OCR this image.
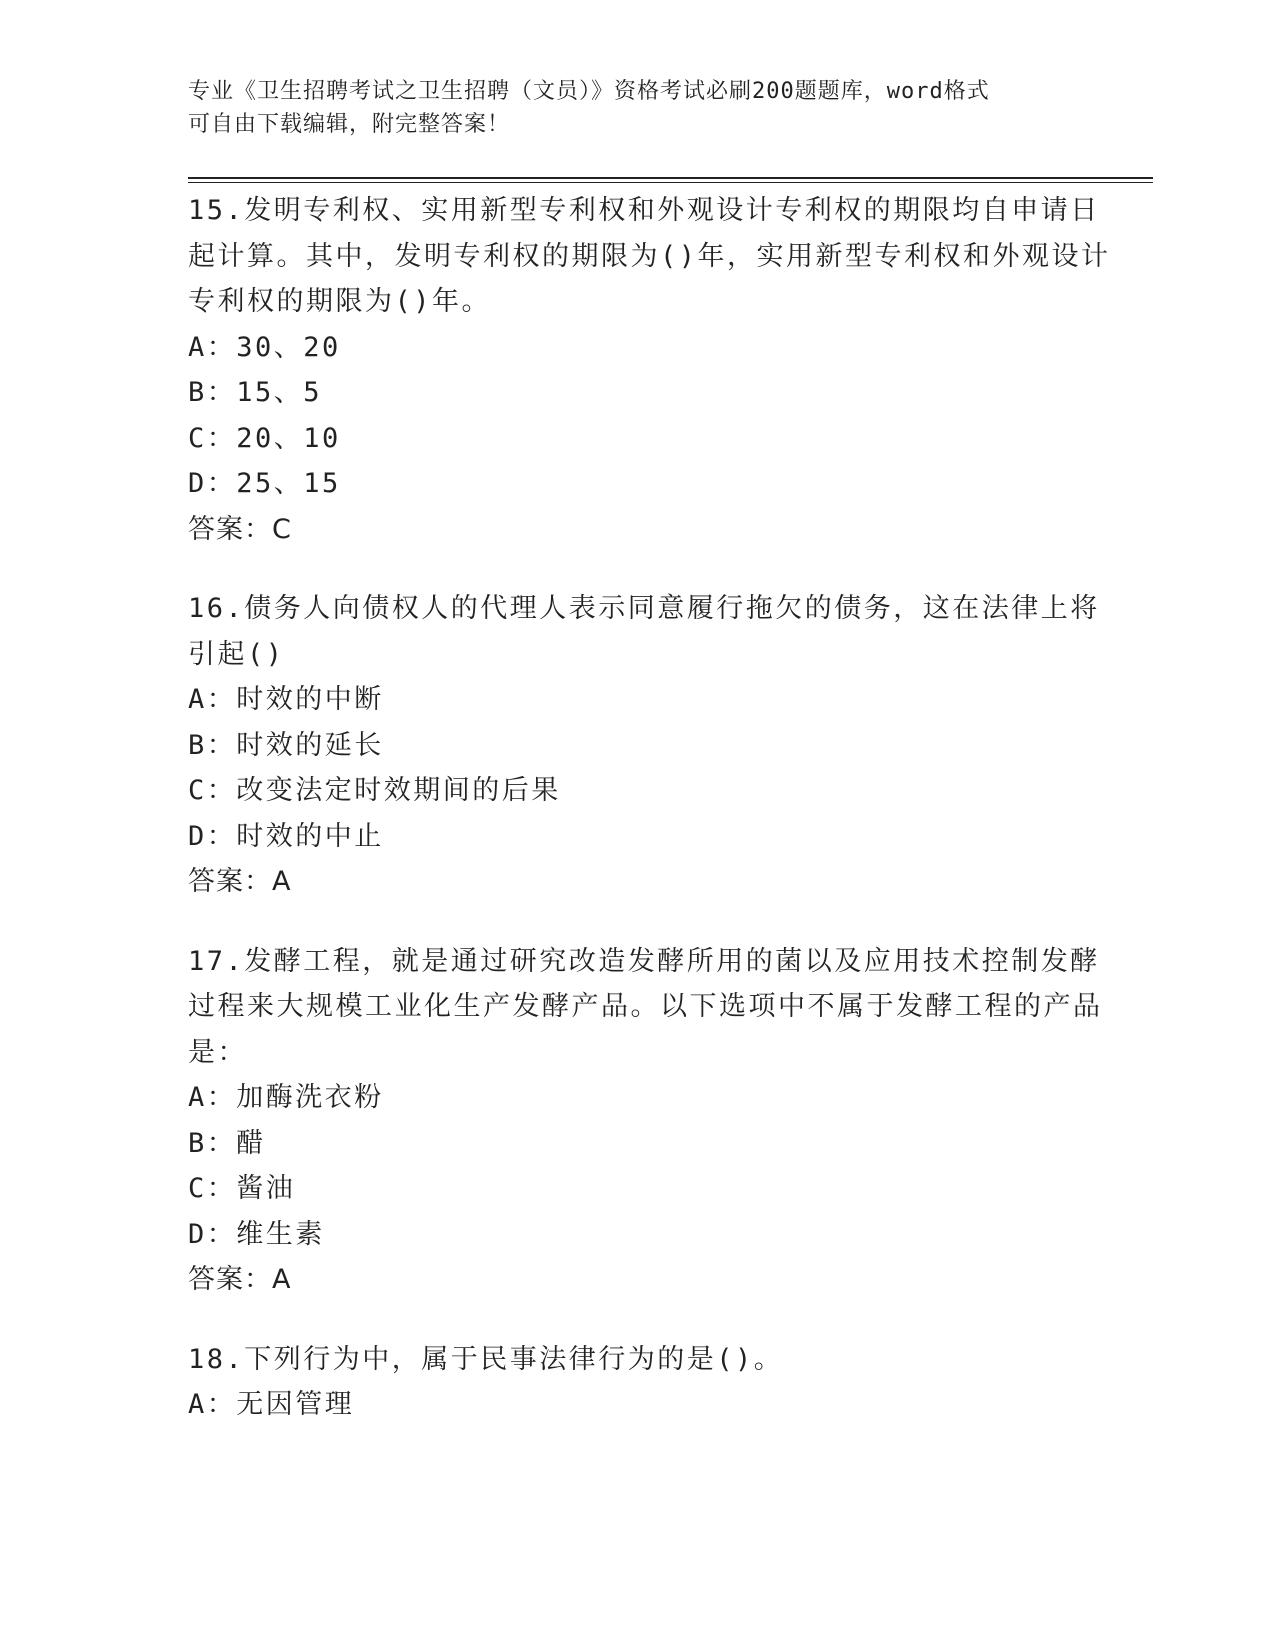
专业《卫生招聘考试之卫生招聘（文员）》资格考试必刷200题题库，word格式
可自由下载编辑，附完整答案！
15.发明专利权、实用新型专利权和外观设计专利权的期限均自申请日起计算。其中，发明专利权的期限为()年，实用新型专利权和外观设计专利权的期限为()年。
A：30、20
B：15、5
C：20、10
D：25、15
答案：C
16.债务人向债权人的代理人表示同意履行拖欠的债务，这在法律上将引起()
A：时效的中断
B：时效的延长
C：改变法定时效期间的后果
D：时效的中止
答案：A
17.发酵工程，就是通过研究改造发酵所用的菌以及应用技术控制发酵过程来大规模工业化生产发酵产品。以下选项中不属于发酵工程的产品是：
A：加酶洗衣粉
B：醋
C：酱油
D：维生素
答案：A
18.下列行为中，属于民事法律行为的是()。
A：无因管理
